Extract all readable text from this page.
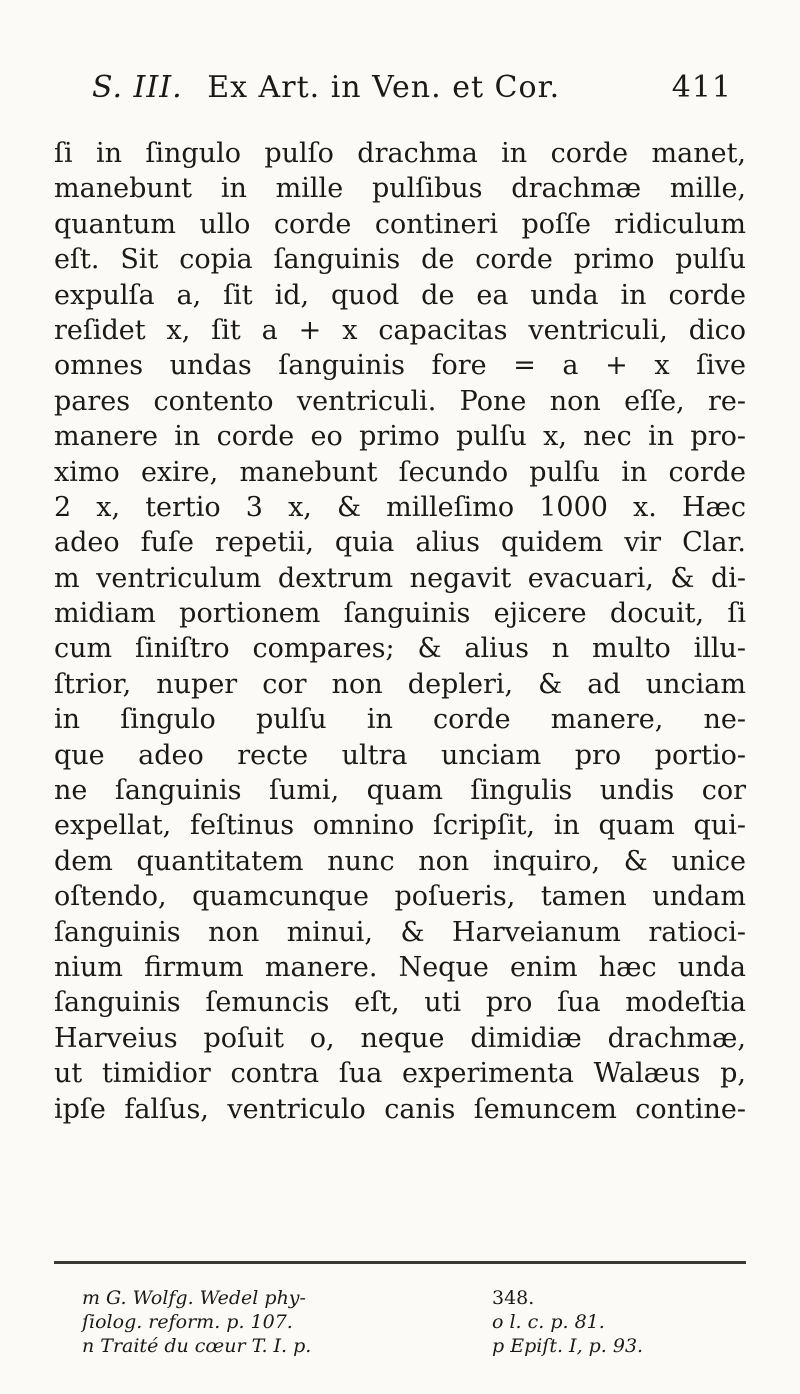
S. III. Ex Art. in Ven. et Cor.	411
ſi in ſingulo pulſo drachma in corde manet,
manebunt in mille pulſibus drachmæ mille,
quantum ullo corde contineri poſſe ridiculum
eſt. Sit copia ſanguinis de corde primo pulſu
expulſa a, ſit id, quod de ea unda in corde
reſidet x, ſit a + x capacitas ventriculi, dico
omnes undas ſanguinis fore = a + x ſive
pares contento ventriculi. Pone non eſſe, re-
manere in corde eo primo pulſu x, nec in pro-
ximo exire, manebunt ſecundo pulſu in corde
2 x, tertio 3 x, & milleſimo 1000 x. Hæc
adeo fuſe repetii, quia alius quidem vir Clar.
m ventriculum dextrum negavit evacuari, & di-
midiam portionem ſanguinis ejicere docuit, ſi
cum ſiniſtro compares; & alius n multo illu-
ſtrior, nuper cor non depleri, & ad unciam
in ſingulo pulſu in corde manere, ne-
que adeo recte ultra unciam pro portio-
ne ſanguinis ſumi, quam ſingulis undis cor
expellat, feſtinus omnino ſcripſit, in quam qui-
dem quantitatem nunc non inquiro, & unice
oſtendo, quamcunque poſueris, tamen undam
ſanguinis non minui, & Harveianum ratioci-
nium firmum manere. Neque enim hæc unda
ſanguinis ſemuncis eſt, uti pro ſua modeſtia
Harveius poſuit o, neque dimidiæ drachmæ,
ut timidior contra ſua experimenta Walæus p,
ipſe falſus, ventriculo canis ſemuncem contine-
m G. Wolfg. Wedel phy-	348.
ſiolog. reform. p. 107.	o l. c. p. 81.
n Traité du cœur T. I. p.	p Epiſt. I, p. 93.
